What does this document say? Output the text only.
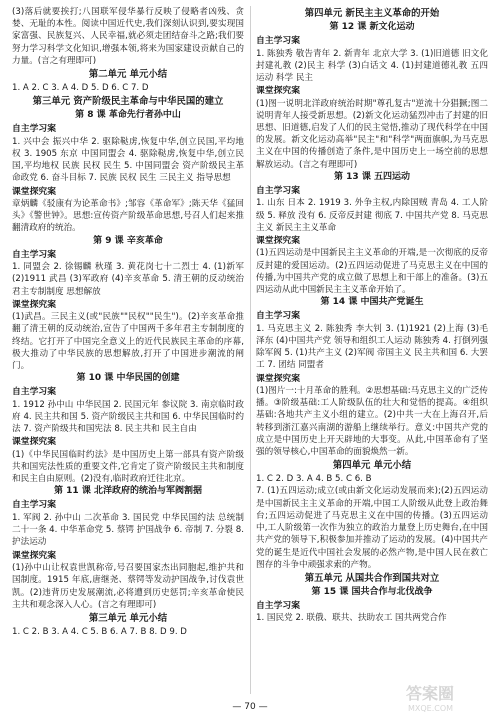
(3)落后就要挨打;八国联军侵华暴行反映了侵略者凶残、贪婪、无耻的本性。阅读中国近代史,我们深刻认识到,要实现国家富强、民族复兴、人民幸福,就必须走团结奋斗之路;我们要努力学习科学文化知识,增强本领,将来为国家建设贡献自己的力量。(言之有理即可)

第二单元 单元小结

1. A 2. C 3. A 4. D 5. D 6. C 7. D

第三单元 资产阶级民主革命与中华民国的建立
第 8 课 革命先行者孙中山
自主学习案

1. 兴中会 振兴中华 2. 驱除鞑虏,恢复中华,创立民国,平均地权 3. 1905 东京 中国同盟会 4. 驱除鞑虏,恢复中华,创立民国,平均地权 民族 民权 民生 5. 中国同盟会 资产阶级民主革命政党 6. 奋斗目标 7. 民族 民权 民生 三民主义 指导思想

课堂探究案

章炳麟《驳康有为论革命书》;邹容《革命军》;陈天华《猛回头》《警世钟》。思想:宣传资产阶级革命思想,号召人们起来推翻清政府的统治。

第 9 课 辛亥革命
自主学习案

1. 同盟会 2. 徐锡麟 秋瑾 3. 黄花岗七十二烈士 4. (1)新军 (2)1911 武昌 (3)军政府 (4)辛亥革命 5. 清王朝的反动统治 君主专制制度 思想解放

课堂探究案

(1)武昌。三民主义(或"民族""民权""民生")。(2)辛亥革命推翻了清王朝的反动统治,宣告了中国两千多年君主专制制度的终结。它打开了中国完全意义上的近代民族民主革命的序幕,极大推动了中华民族的思想解放,打开了中国进步潮流的闸门。

第 10 课 中华民国的创建
自主学习案

1. 1912 孙中山 中华民国 2. 民国元年 参议院 3. 南京临时政府 4. 民主共和国 5. 资产阶级民主共和国 6. 中华民国临时约法 7. 资产阶级共和国宪法 8. 民主共和 民主自由

课堂探究案

(1)《中华民国临时约法》是中国历史上第一部具有资产阶级共和国宪法性质的重要文件,它肯定了资产阶级民主共和制度和民主自由原则。(2)没有,临时政府迁往北京。

第 11 课 北洋政府的统治与军阀割据
自主学习案

1. 军阀 2. 孙中山 二次革命 3. 国民党 中华民国约法 总统制 二十一条 4. 中华革命党 5. 蔡锷 护国战争 6. 帝制 7. 分裂 8. 护法运动

课堂探究案

(1)孙中山让权袁世凯称帝,号召要国家杰出同胞起,维护共和国制度。1915 年底,唐继尧、蔡锷等发动护国战争,讨伐袁世凯。(2)违背历史发展潮流,必将遭到历史惩罚;辛亥革命使民主共和观念深入人心。(言之有理即可)

第三单元 单元小结

1. C 2. B 3. A 4. C 5. B 6. A 7. B 8. D 9. D

第四单元 新民主主义革命的开始
第 12 课 新文化运动
自主学习案

1. 陈独秀 敬告青年 2. 新青年 北京大学 3. (1)旧道德 旧文化 封建礼教 (2)民主 科学 (3)白话文 4. (1)封建道德礼教 五四运动 科学 民主

课堂探究案

(1)图一说明北洋政府统治时期"尊孔复古"逆流十分猖獗;图二说明青年人接受新思想。(2)新文化运动猛烈冲击了封建的旧思想、旧道德,启发了人们的民主觉悟,推动了现代科学在中国的发展。新文化运动高举"民主"和"科学"两面旗帜,为马克思主义在中国的传播创造了条件,是中国历史上一场空前的思想解放运动。(言之有理即可)

第 13 课 五四运动
自主学习案

1. 山东 日本 2. 1919 3. 外争主权,内除国贼 青岛 4. 工人阶级 5. 释放 没有 6. 反帝反封建 彻底 7. 中国共产党 8. 马克思主义 新民主主义革命

课堂探究案

(1)五四运动是中国新民主主义革命的开端,是一次彻底的反帝反封建的爱国运动。(2)五四运动促进了马克思主义在中国的传播,为中国共产党的成立做了思想上和干部上的准备。(3)五四运动从此中国新民主主义革命开始了。

第 14 课 中国共产党诞生
自主学习案

1. 马克思主义 2. 陈独秀 李大钊 3. (1)1921 (2)上海 (3)毛泽东 (4)中国共产党 领导和组织工人运动 陈独秀 4. 打倒列强 除军阀 5. (1)共产主义 (2)军阀 帝国主义 民主共和国 6. 大罢工 7. 团结 同盟者

课堂探究案

(1)图片一:十月革命的胜利。②思想基础:马克思主义的广泛传播。③阶级基础:工人阶级队伍的壮大和觉悟的提高。④组织基础:各地共产主义小组的建立。(2)中共一大在上海召开,后转移到浙江嘉兴南湖的游船上继续举行。意义:中国共产党的成立是中国历史上开天辟地的大事变。从此,中国革命有了坚强的领导核心,中国革命的面貌焕然一新。

第四单元 单元小结

1. C 2. D 3. A 4. B 5. C 6. B

7. (1)五四运动;成立(或由新文化运动发展而来);(2)五四运动是中国新民主主义革命的开端,中国工人阶级从此登上政治舞台;五四运动促进了马克思主义在中国的传播。(3)五四运动中,工人阶级第一次作为独立的政治力量登上历史舞台,在中国共产党的领导下,积极参加并推动了运动的发展。(4)中国共产党的诞生是近代中国社会发展的必然产物,是中国人民在救亡图存的斗争中顽强求索的产物。

第五单元 从国共合作到国共对立
第 15 课 国共合作与北伐战争
自主学习案

1. 国民党 2. 联俄、联共、扶助农工 国共两党合作

— 70 —
答案圈
MXQE.COM
